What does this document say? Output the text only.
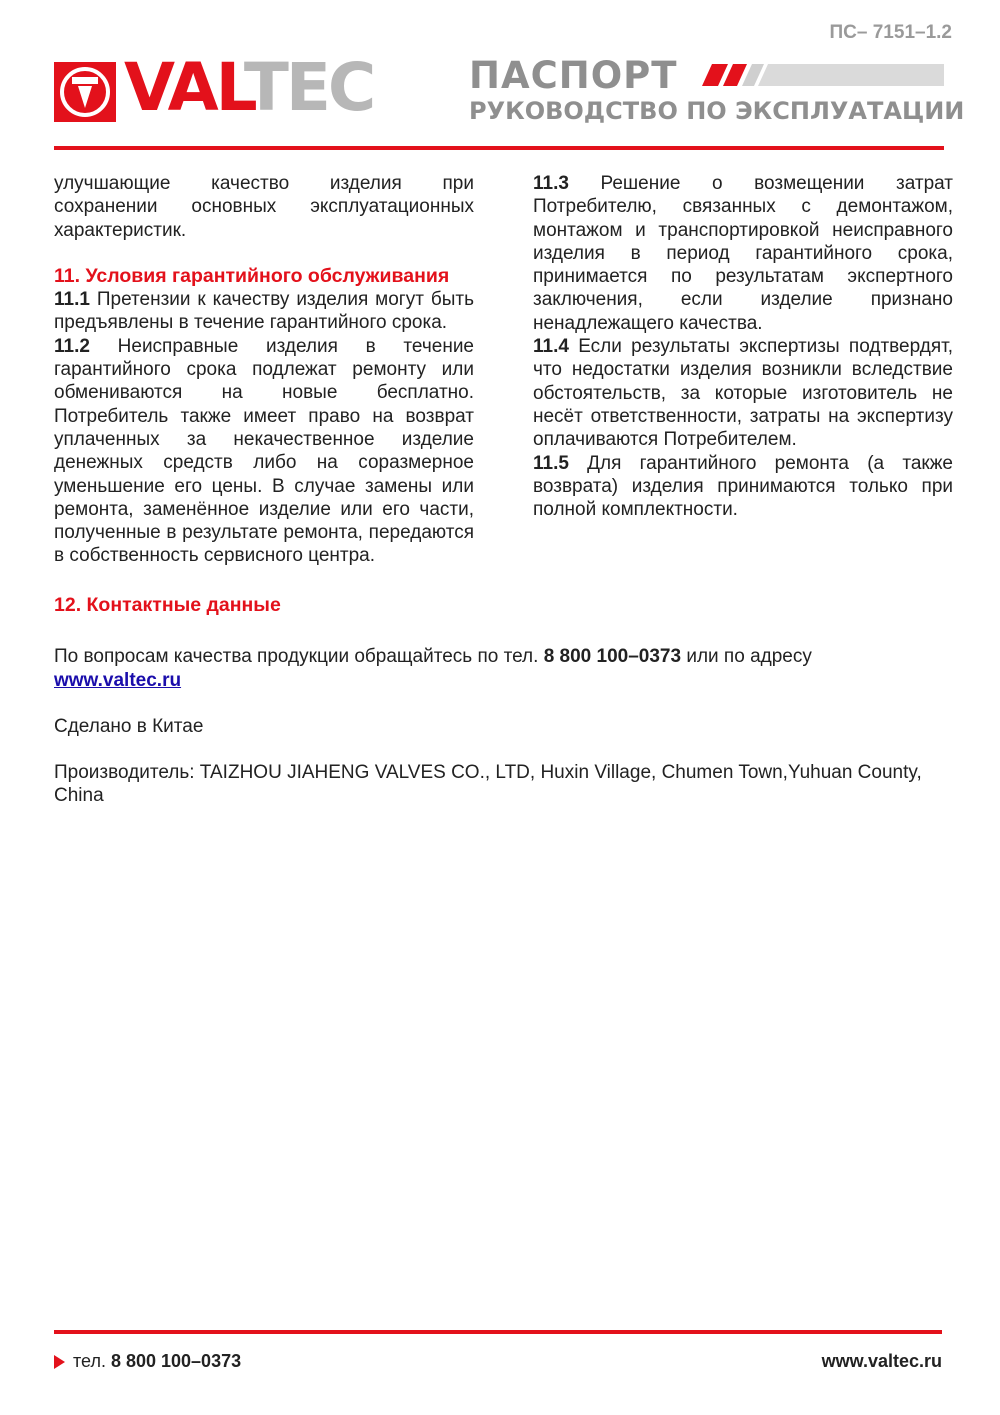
ПС– 7151–1.2
VALTEC	ПАСПОРТ
РУКОВОДСТВО ПО ЭКСПЛУАТАЦИИ

улучшающие качество изделия при сохранении основных эксплуатационных характеристик.

11. Условия гарантийного обслуживания

11.1 Претензии к качеству изделия могут быть предъявлены в течение гарантийного срока.

11.2 Неисправные изделия в течение гарантийного срока подлежат ремонту или обмениваются на новые бесплатно. Потребитель также имеет право на возврат уплаченных за некачественное изделие денежных средств либо на соразмерное уменьшение его цены. В случае замены или ремонта, заменённое изделие или его части, полученные в результате ремонта, передаются в собственность сервисного центра.

11.3 Решение о возмещении затрат Потребителю, связанных с демонтажом, монтажом и транспортировкой неисправного изделия в период гарантийного срока, принимается по результатам экспертного заключения, если изделие признано ненадлежащего качества.

11.4 Если результаты экспертизы подтвердят, что недостатки изделия возникли вследствие обстоятельств, за которые изготовитель не несёт ответственности, затраты на экспертизу оплачиваются Потребителем.

11.5 Для гарантийного ремонта (а также возврата) изделия принимаются только при полной комплектности.

12. Контактные данные

По вопросам качества продукции обращайтесь по тел. 8 800 100–0373 или по адресу

www.valtec.ru

Сделано в Китае

Производитель: TAIZHOU JIAHENG VALVES CO., LTD, Huxin Village, Chumen Town,Yuhuan County, China

тел. 8 800 100–0373	www.valtec.ru
